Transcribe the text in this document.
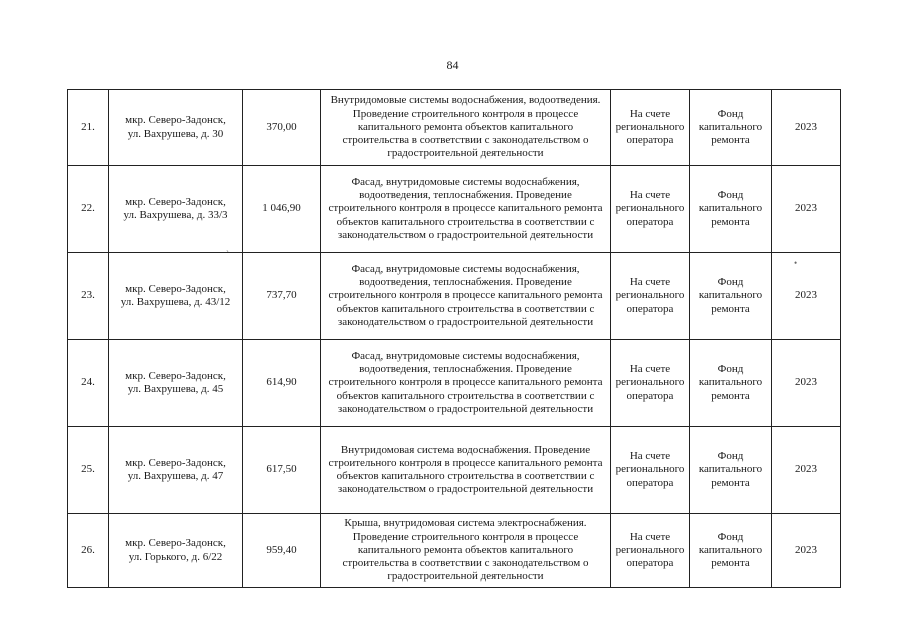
84
21.	мкр. Северо-Задонск,
ул. Вахрушева, д. 30	370,00	Внутридомовые системы водоснабжения, водоотведения. Проведение строительного контроля в процессе капитального ремонта объектов капитального строительства в соответствии с законодательством о градостроительной деятельности	На счете регионального оператора	Фонд капитального ремонта	2023
22.	мкр. Северо-Задонск,
ул. Вахрушева, д. 33/3	1 046,90	Фасад, внутридомовые системы водоснабжения, водоотведения, теплоснабжения. Проведение строительного контроля в процессе капитального ремонта объектов капитального строительства в соответствии с законодательством о градостроительной деятельности	На счете регионального оператора	Фонд капитального ремонта	2023
23.	мкр. Северо-Задонск,
ул. Вахрушева, д. 43/12	737,70	Фасад, внутридомовые системы водоснабжения, водоотведения, теплоснабжения. Проведение строительного контроля в процессе капитального ремонта объектов капитального строительства в соответствии с законодательством о градостроительной деятельности	На счете регионального оператора	Фонд капитального ремонта	2023
24.	мкр. Северо-Задонск,
ул. Вахрушева, д. 45	614,90	Фасад, внутридомовые системы водоснабжения, водоотведения, теплоснабжения. Проведение строительного контроля в процессе капитального ремонта объектов капитального строительства в соответствии с законодательством о градостроительной деятельности	На счете регионального оператора	Фонд капитального ремонта	2023
25.	мкр. Северо-Задонск,
ул. Вахрушева, д. 47	617,50	Внутридомовая система водоснабжения. Проведение строительного контроля в процессе капитального ремонта объектов капитального строительства в соответствии с законодательством о градостроительной деятельности	На счете регионального оператора	Фонд капитального ремонта	2023
26.	мкр. Северо-Задонск,
ул. Горького, д. 6/22	959,40	Крыша, внутридомовая система электроснабжения. Проведение строительного контроля в процессе капитального ремонта объектов капитального строительства в соответствии с законодательством о градостроительной деятельности	На счете регионального оператора	Фонд капитального ремонта	2023
ˏ
•
